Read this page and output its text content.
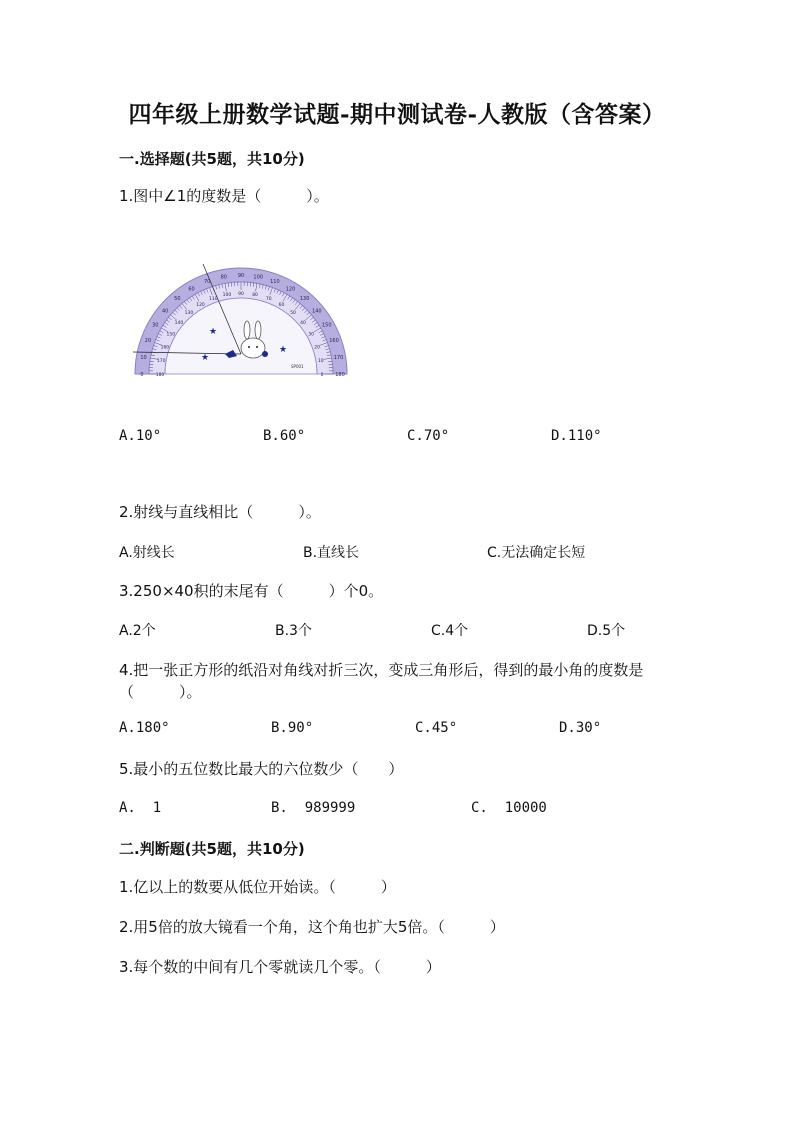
四年级上册数学试题-期中测试卷-人教版（含答案）
一.选择题(共5题，共10分)
1.图中∠1的度数是（　　　）。
0
10
20
30
40
50
60
70
80 90 100
110
120
130
140
150
160
170
180
180
170
160
150
140
130
120
110
100 90 80
70
60
50
40
30
20
10
0
★
★
★
SP001
A.10°	B.60°	C.70°	D.110°
2.射线与直线相比（　　　）。
A.射线长	B.直线长	C.无法确定长短
3.250×40积的末尾有（　　　）个0。
A.2个	B.3个	C.4个	D.5个
4.把一张正方形的纸沿对角线对折三次，变成三角形后，得到的最小角的度数是（　　　）。
A.180°	B.90°	C.45°	D.30°
5.最小的五位数比最大的六位数少（　　）
A.  1	B.  989999	C.  10000
二.判断题(共5题，共10分)
1.亿以上的数要从低位开始读。（　　　）
2.用5倍的放大镜看一个角，这个角也扩大5倍。（　　　）
3.每个数的中间有几个零就读几个零。（　　　）
